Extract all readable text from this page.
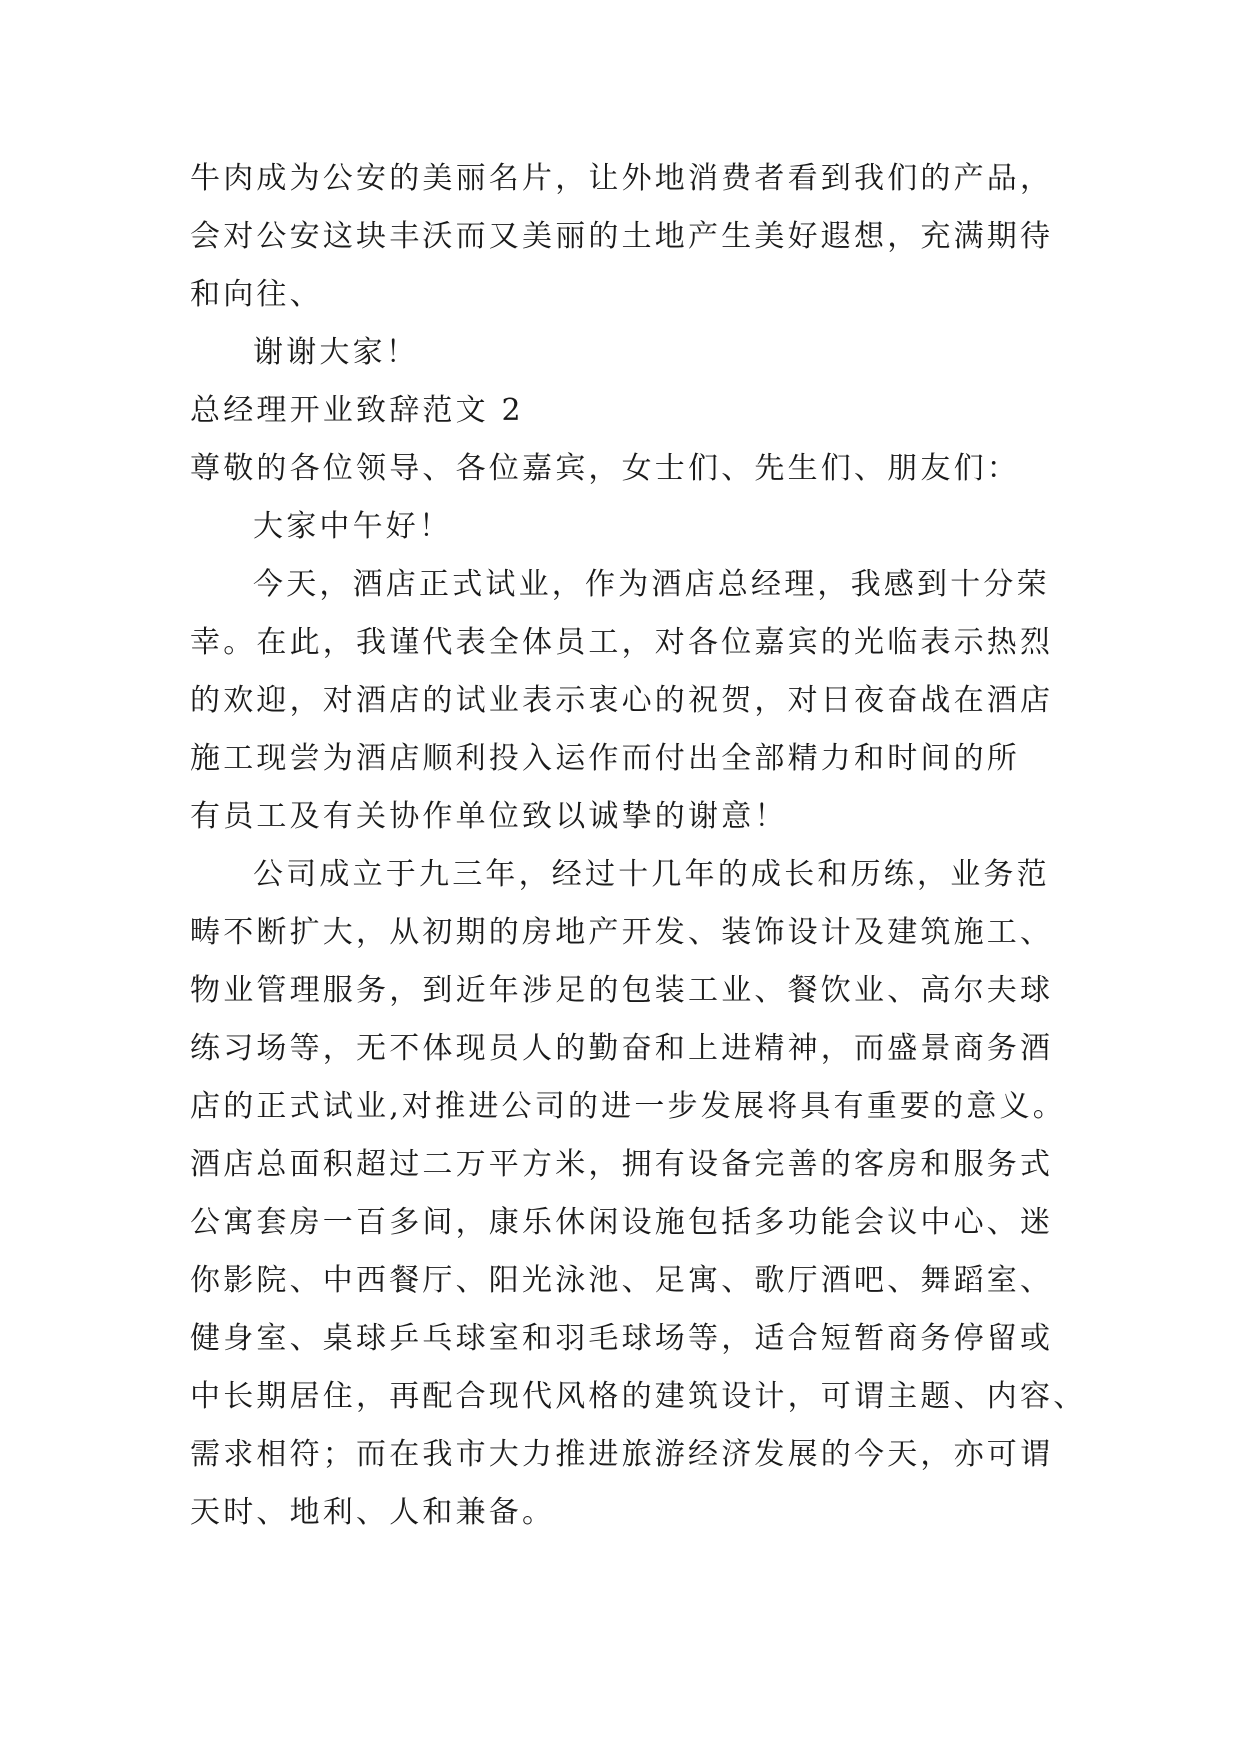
牛肉成为公安的美丽名片，让外地消费者看到我们的产品，
会对公安这块丰沃而又美丽的土地产生美好遐想，充满期待
和向往、
谢谢大家！
总经理开业致辞范文 2
尊敬的各位领导、各位嘉宾，女士们、先生们、朋友们：
大家中午好！
今天，酒店正式试业，作为酒店总经理，我感到十分荣
幸。在此，我谨代表全体员工，对各位嘉宾的光临表示热烈
的欢迎，对酒店的试业表示衷心的祝贺，对日夜奋战在酒店
施工现尝为酒店顺利投入运作而付出全部精力和时间的所
有员工及有关协作单位致以诚挚的谢意！
公司成立于九三年，经过十几年的成长和历练，业务范
畴不断扩大，从初期的房地产开发、装饰设计及建筑施工、
物业管理服务，到近年涉足的包装工业、餐饮业、高尔夫球
练习场等，无不体现员人的勤奋和上进精神，而盛景商务酒
店的正式试业,对推进公司的进一步发展将具有重要的意义。
酒店总面积超过二万平方米，拥有设备完善的客房和服务式
公寓套房一百多间，康乐休闲设施包括多功能会议中心、迷
你影院、中西餐厅、阳光泳池、足寓、歌厅酒吧、舞蹈室、
健身室、桌球乒乓球室和羽毛球场等，适合短暂商务停留或
中长期居住，再配合现代风格的建筑设计，可谓主题、内容、
需求相符；而在我市大力推进旅游经济发展的今天，亦可谓
天时、地利、人和兼备。
